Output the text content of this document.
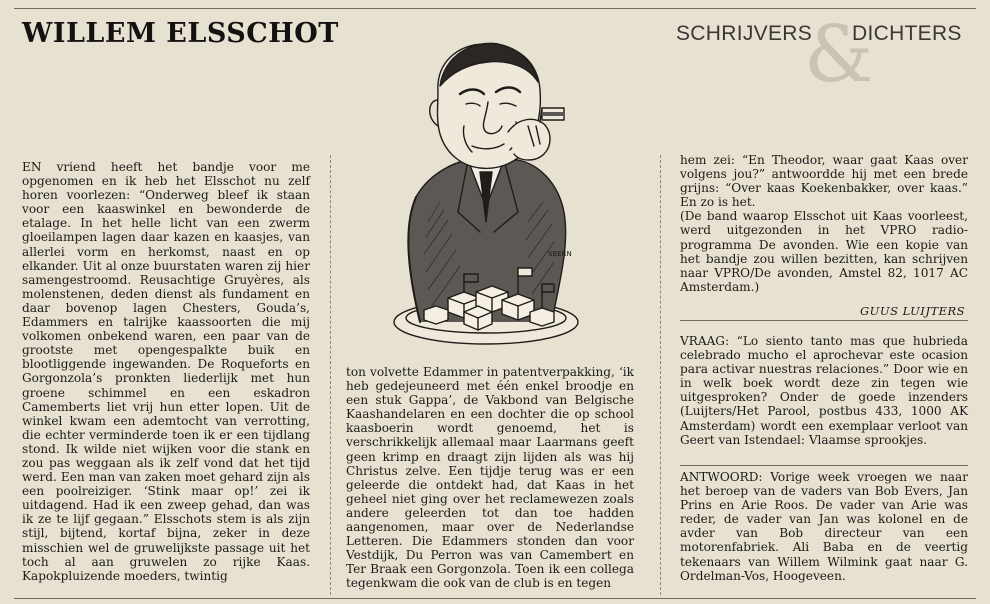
WILLEM ELSSCHOT	&
SCHRIJVERS DICHTERS
SBERN

EN vriend heeft het bandje voor me opgenomen en ik heb het Elsschot nu zelf horen voorlezen: “Onderweg bleef ik staan voor een kaaswinkel en bewonderde de etalage. In het helle licht van een zwerm gloeilampen lagen daar kazen en kaasjes, van allerlei vorm en herkomst, naast en op elkander. Uit al onze buurstaten waren zij hier samengestroomd. Reusachtige Gruyères, als molenstenen, deden dienst als fundament en daar bovenop lagen Chesters, Gouda’s, Edammers en talrijke kaassoorten die mij volkomen onbekend waren, een paar van de grootste met opengespalkte buik en blootliggende ingewanden. De Roqueforts en Gorgonzola’s pronkten liederlijk met hun groene schimmel en een eskadron Camemberts liet vrij hun etter lopen. Uit de winkel kwam een ademtocht van verrotting, die echter verminderde toen ik er een tijdlang stond. Ik wilde niet wijken voor die stank en zou pas weggaan als ik zelf vond dat het tijd werd. Een man van zaken moet gehard zijn als een poolreiziger. ‘Stink maar op!’ zei ik uitdagend. Had ik een zweep gehad, dan was ik ze te lijf gegaan.” Elsschots stem is als zijn stijl, bijtend, kortaf bijna, zeker in deze misschien wel de gruwelijkste passage uit het toch al aan gruwelen zo rijke Kaas. Kapokpluizende moeders, twintig

ton volvette Edammer in patentverpakking, ‘ik heb gedejeuneerd met één enkel broodje en een stuk Gappa’, de Vakbond van Belgische Kaashandelaren en een dochter die op school kaasboerin wordt genoemd, het is verschrikkelijk allemaal maar Laarmans geeft geen krimp en draagt zijn lijden als was hij Christus zelve. Een tijdje terug was er een geleerde die ontdekt had, dat Kaas in het geheel niet ging over het reclamewezen zoals andere geleerden tot dan toe hadden aangenomen, maar over de Nederlandse Letteren. Die Edammers stonden dan voor Vestdijk, Du Perron was van Camembert en Ter Braak een Gorgonzola. Toen ik een collega tegenkwam die ook van de club is en tegen

hem zei: “En Theodor, waar gaat Kaas over volgens jou?” antwoordde hij met een brede grijns: “Over kaas Koekenbakker, over kaas.” En zo is het.

(De band waarop Elsschot uit Kaas voorleest, werd uitgezonden in het VPRO radio-programma De avonden. Wie een kopie van het bandje zou willen bezitten, kan schrijven naar VPRO/De avonden, Amstel 82, 1017 AC Amsterdam.)

GUUS LUIJTERS

VRAAG: “Lo siento tanto mas que hubrieda celebrado mucho el aprochevar este ocasion para activar nuestras relaciones.” Door wie en in welk boek wordt deze zin tegen wie uitgesproken? Onder de goede inzenders (Luijters/Het Parool, postbus 433, 1000 AK Amsterdam) wordt een exemplaar verloot van Geert van Istendael: Vlaamse sprookjes.

ANTWOORD: Vorige week vroegen we naar het beroep van de vaders van Bob Evers, Jan Prins en Arie Roos. De vader van Arie was reder, de vader van Jan was kolonel en de avder van Bob directeur van een motorenfabriek. Ali Baba en de veertig tekenaars van Willem Wilmink gaat naar G. Ordelman-Vos, Hoogeveen.
